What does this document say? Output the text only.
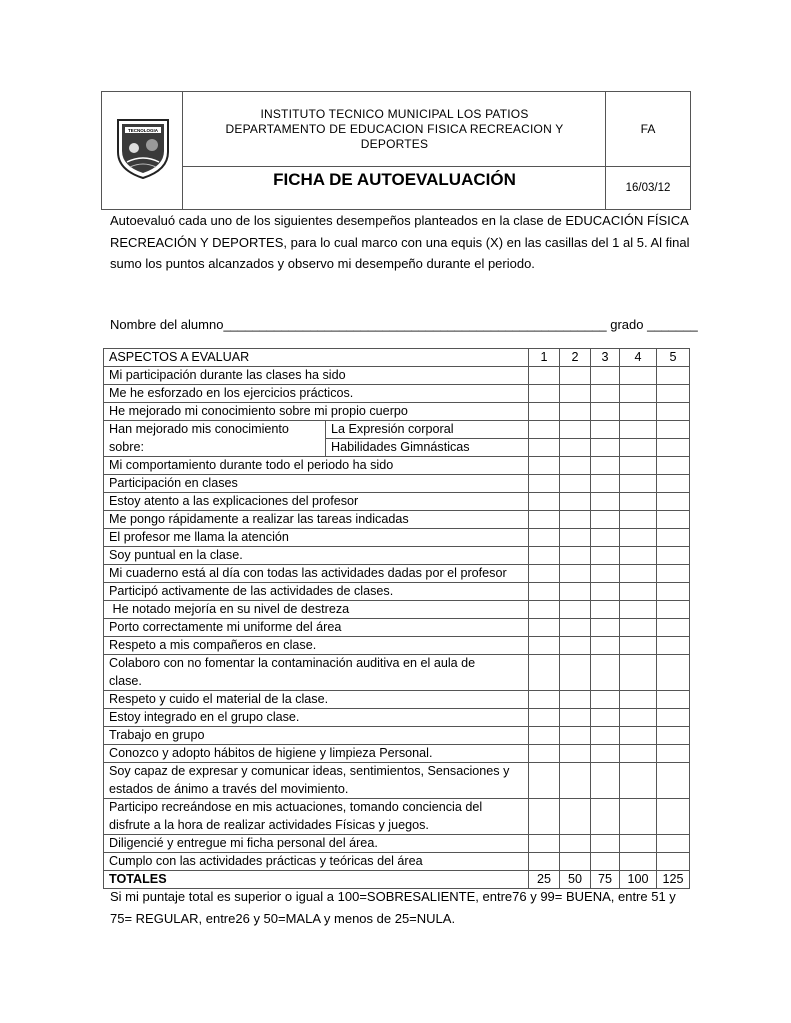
TECNOLOGIA
INSTITUTO TECNICO MUNICIPAL LOS PATIOS
DEPARTAMENTO DE EDUCACION FISICA RECREACION Y
DEPORTES
FA
FICHA DE AUTOEVALUACIÓN	16/03/12
Autoevaluó cada uno de los siguientes desempeños planteados en la clase de EDUCACIÓN FÍSICA
RECREACIÓN Y DEPORTES, para lo cual marco con una equis (X) en las casillas del 1 al 5. Al final
sumo los puntos alcanzados y observo mi desempeño durante el periodo.
Nombre del alumno_____________________________________________________ grado _______
ASPECTOS A EVALUAR		1	2	3	4	5
Mi participación durante las clases ha sido						
Me he esforzado en los ejercicios prácticos.						
He mejorado mi conocimiento sobre mi propio cuerpo						
Han mejorado mis conocimiento
sobre:	La Expresión corporal					
	Habilidades Gimnásticas					
Mi comportamiento durante todo el periodo ha sido						
Participación en clases						
Estoy atento a las explicaciones del profesor						
Me pongo rápidamente a realizar las tareas indicadas						
El profesor me llama la atención						
Soy puntual en la clase.						
Mi cuaderno está al día con todas las actividades dadas por el profesor						
Participó activamente de las actividades de clases.						
He notado mejoría en su nivel de destreza						
Porto correctamente mi uniforme del área						
Respeto a mis compañeros en clase.						
Colaboro con no fomentar la contaminación auditiva en el aula de
clase.						
Respeto y cuido el material de la clase.						
Estoy integrado en el grupo clase.						
Trabajo en grupo						
Conozco y adopto hábitos de higiene y limpieza Personal.						
Soy capaz de expresar y comunicar ideas, sentimientos, Sensaciones y
estados de ánimo a través del movimiento.						
Participo recreándose en mis actuaciones, tomando conciencia del
disfrute a la hora de realizar actividades Físicas y juegos.						
Diligencié y entregue mi ficha personal del área.						
Cumplo con las actividades prácticas y teóricas del área						
TOTALES		25	50	75	100	125
Si mi puntaje total es superior o igual a 100=SOBRESALIENTE, entre76 y 99= BUENA, entre 51 y
75= REGULAR, entre26 y 50=MALA y menos de 25=NULA.
